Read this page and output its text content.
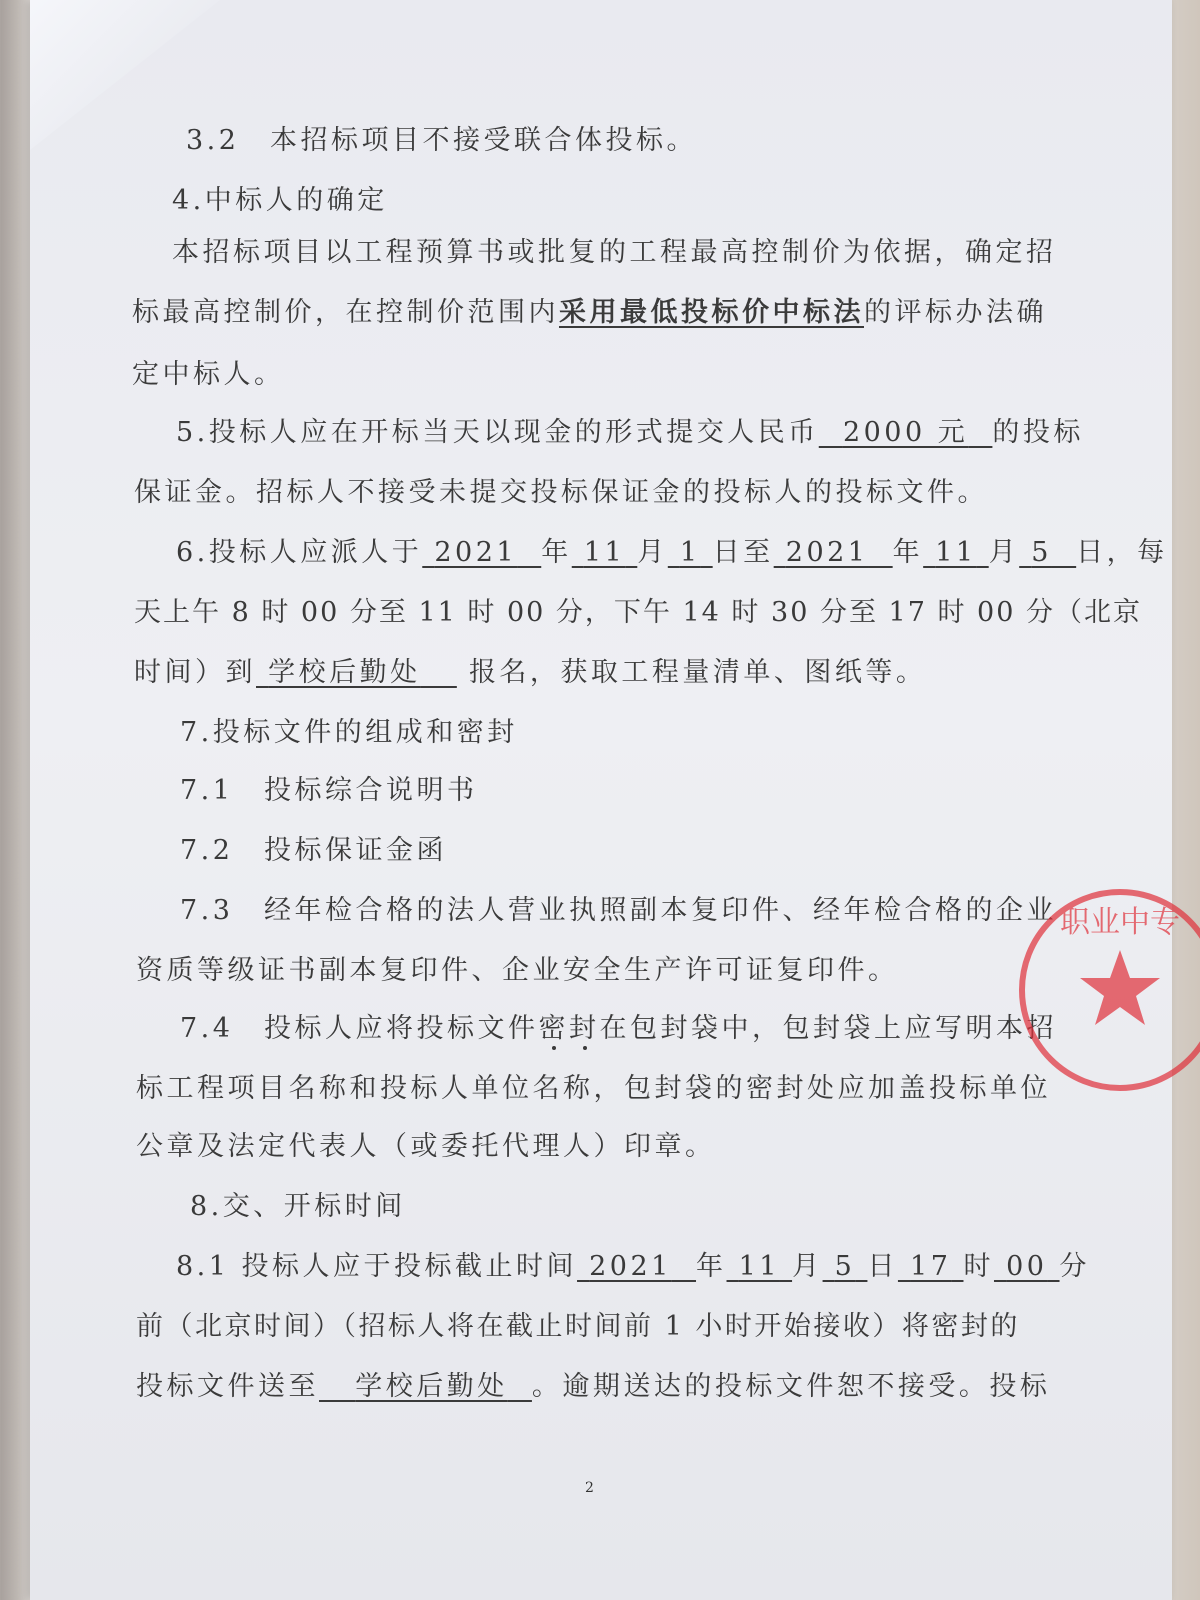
3.2　本招标项目不接受联合体投标。
4.中标人的确定
本招标项目以工程预算书或批复的工程最高控制价为依据，确定招
标最高控制价，在控制价范围内采用最低投标价中标法的评标办法确
定中标人。
5.投标人应在开标当天以现金的形式提交人民币 2000 元 的投标
保证金。招标人不接受未提交投标保证金的投标人的投标文件。
6.投标人应派人于 2021 年 11 月 1 日至 2021 年 11 月 5 日，每
天上午 8 时 00 分至 11 时 00 分，下午 14 时 30 分至 17 时 00 分（北京
时间）到 学校后勤处 报名，获取工程量清单、图纸等。
7.投标文件的组成和密封
7.1　投标综合说明书
7.2　投标保证金函
7.3　经年检合格的法人营业执照副本复印件、经年检合格的企业
资质等级证书副本复印件、企业安全生产许可证复印件。
7.4　投标人应将投标文件密封在包封袋中，包封袋上应写明本招
标工程项目名称和投标人单位名称，包封袋的密封处应加盖投标单位
公章及法定代表人（或委托代理人）印章。
8.交、开标时间
8.1 投标人应于投标截止时间 2021 年 11 月 5 日 17 时 00 分
前（北京时间）（招标人将在截止时间前 1 小时开始接收）将密封的
投标文件送至 学校后勤处 。逾期送达的投标文件恕不接受。投标
2
职业中专
